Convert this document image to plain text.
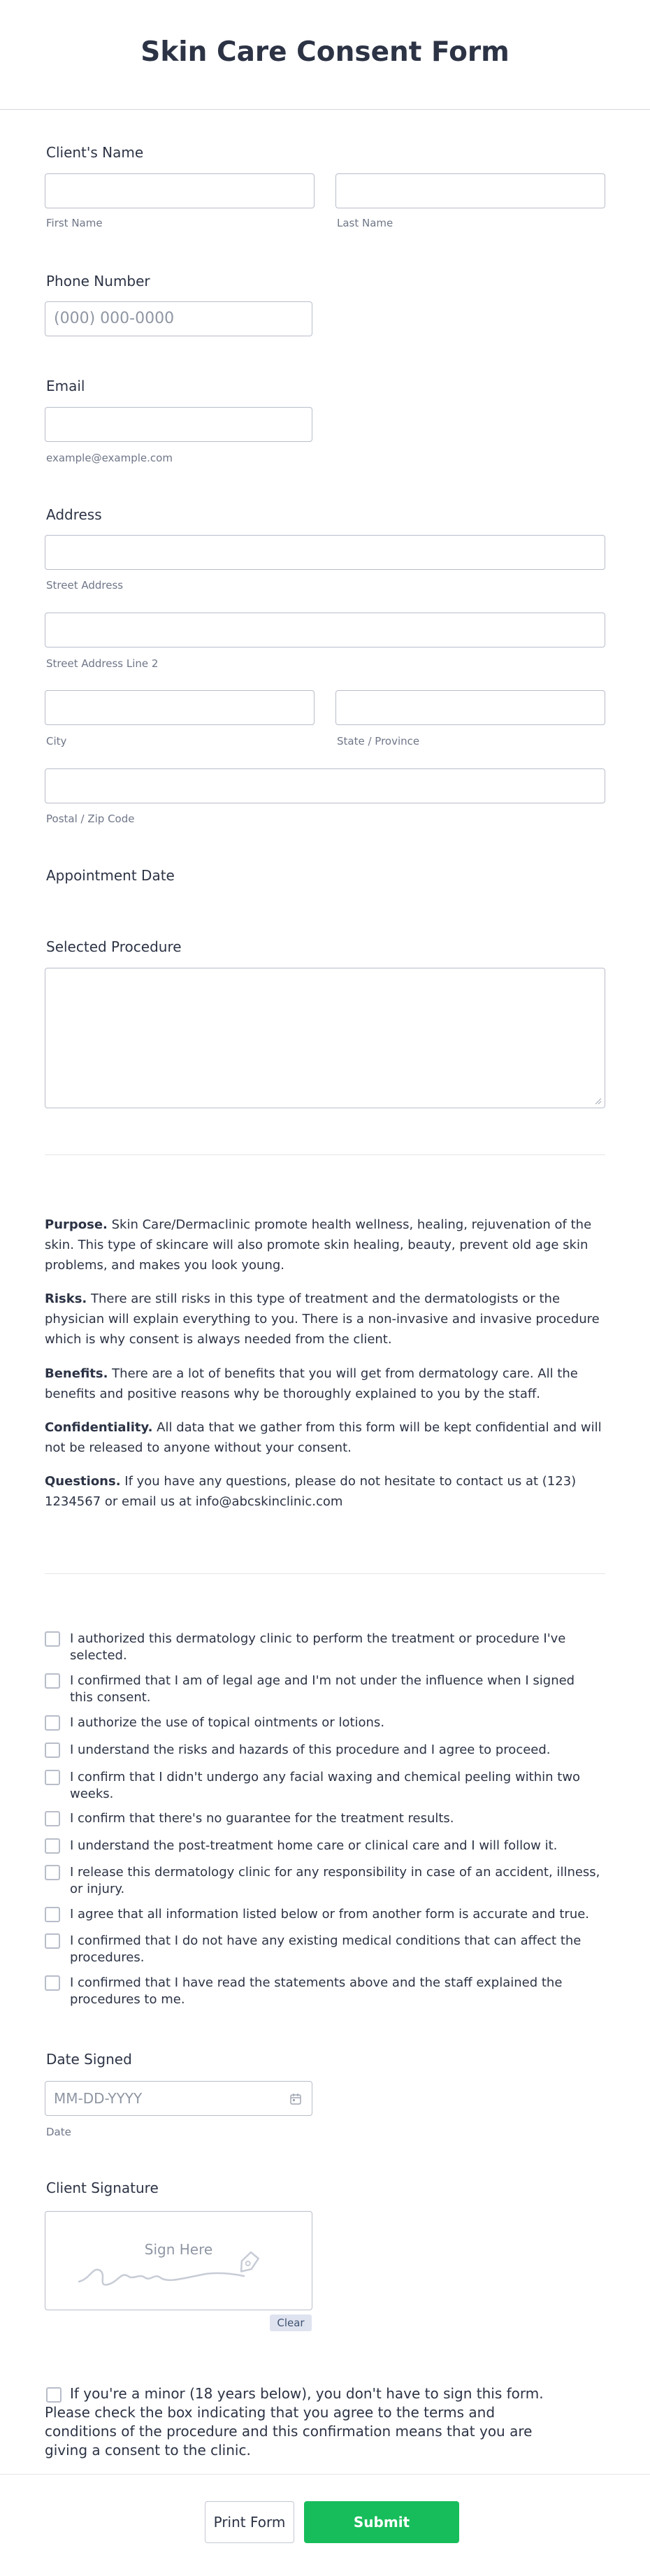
Skin Care Consent Form
Client's Name
First Name	Last Name
Phone Number
(000) 000-0000
Email
example@example.com
Address
Street Address
Street Address Line 2
City	State / Province
Postal / Zip Code
Appointment Date
Selected Procedure

Purpose. Skin Care/Dermaclinic promote health wellness, healing, rejuvenation of the skin. This type of skincare will also promote skin healing, beauty, prevent old age skin problems, and makes you look young.

Risks. There are still risks in this type of treatment and the dermatologists or the physician will explain everything to you. There is a non-invasive and invasive procedure which is why consent is always needed from the client.

Benefits. There are a lot of benefits that you will get from dermatology care. All the benefits and positive reasons why be thoroughly explained to you by the staff.

Confidentiality. All data that we gather from this form will be kept confidential and will not be released to anyone without your consent.

Questions. If you have any questions, please do not hesitate to contact us at (123) 1234567 or email us at info@abcskinclinic.com

I authorized this dermatology clinic to perform the treatment or procedure I've selected.
I confirmed that I am of legal age and I'm not under the influence when I signed this consent.
I authorize the use of topical ointments or lotions.
I understand the risks and hazards of this procedure and I agree to proceed.
I confirm that I didn't undergo any facial waxing and chemical peeling within two weeks.
I confirm that there's no guarantee for the treatment results.
I understand the post-treatment home care or clinical care and I will follow it.
I release this dermatology clinic for any responsibility in case of an accident, illness, or injury.
I agree that all information listed below or from another form is accurate and true.
I confirmed that I do not have any existing medical conditions that can affect the procedures.
I confirmed that I have read the statements above and the staff explained the procedures to me.
Date Signed
MM-DD-YYYY
Date
Client Signature
Sign Here
Clear
If you're a minor (18 years below), you don't have to sign this form. Please check the box indicating that you agree to the terms and conditions of the procedure and this confirmation means that you are giving a consent to the clinic.
Print Form	Submit
